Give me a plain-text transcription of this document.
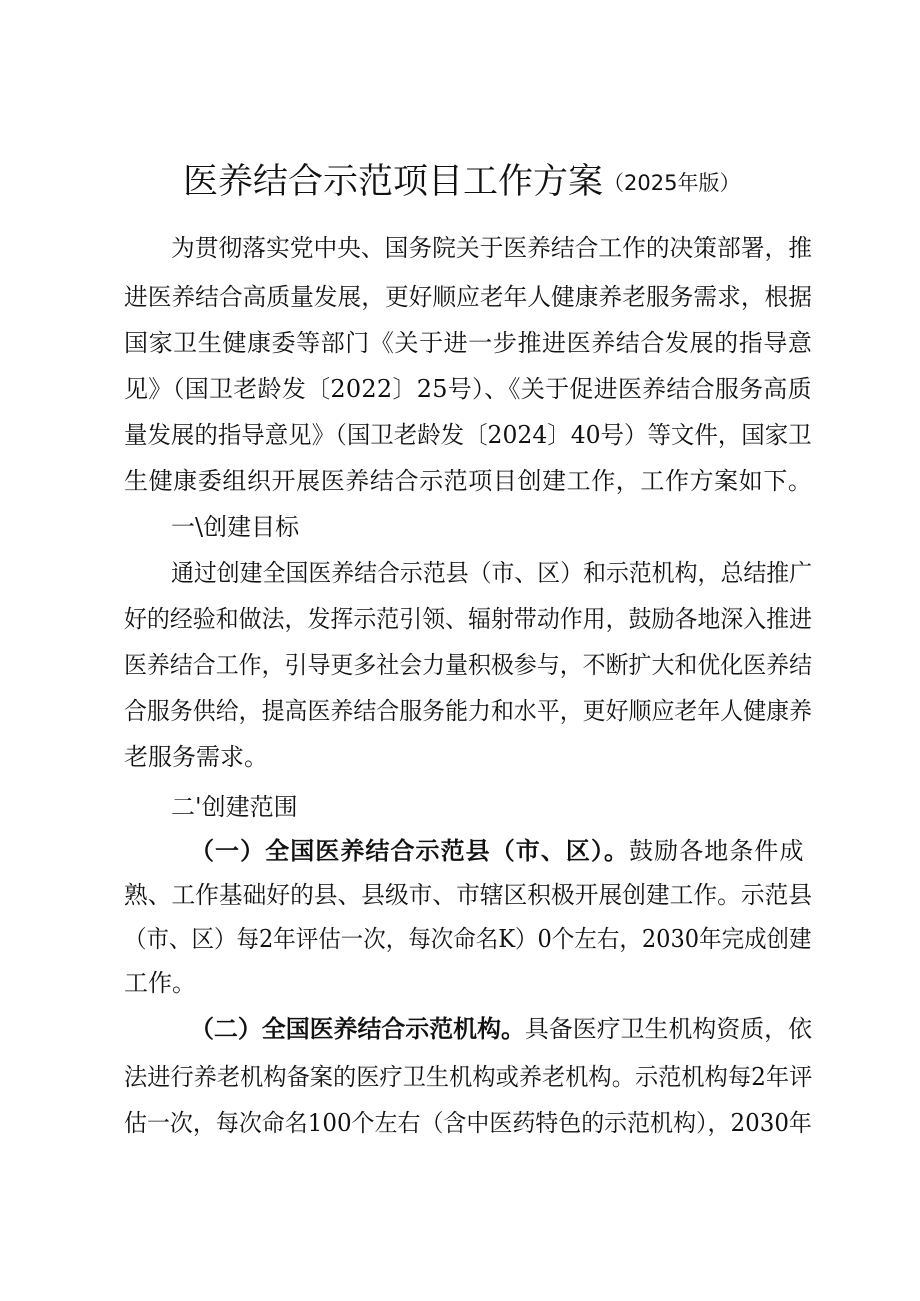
医养结合示范项目工作方案（2025年版）
为贯彻落实党中央、国务院关于医养结合工作的决策部署，推
进医养结合高质量发展，更好顺应老年人健康养老服务需求，根据
国家卫生健康委等部门《关于进一步推进医养结合发展的指导意
见》（国卫老龄发〔2022〕25号）、《关于促进医养结合服务高质
量发展的指导意见》（国卫老龄发〔2024〕40号）等文件，国家卫
生健康委组织开展医养结合示范项目创建工作，工作方案如下。
一\创建目标
通过创建全国医养结合示范县（市、区）和示范机构，总结推广
好的经验和做法，发挥示范引领、辐射带动作用，鼓励各地深入推进
医养结合工作，引导更多社会力量积极参与，不断扩大和优化医养结
合服务供给，提高医养结合服务能力和水平，更好顺应老年人健康养
老服务需求。
二'创建范围
（一）全国医养结合示范县（市、区）。鼓励各地条件成
熟、工作基础好的县、县级市、市辖区积极开展创建工作。示范县
（市、区）每2年评估一次，每次命名K）0个左右，2030年完成创建
工作。
（二）全国医养结合示范机构。具备医疗卫生机构资质，依
法进行养老机构备案的医疗卫生机构或养老机构。示范机构每2年评
估一次，每次命名100个左右（含中医药特色的示范机构），2030年
